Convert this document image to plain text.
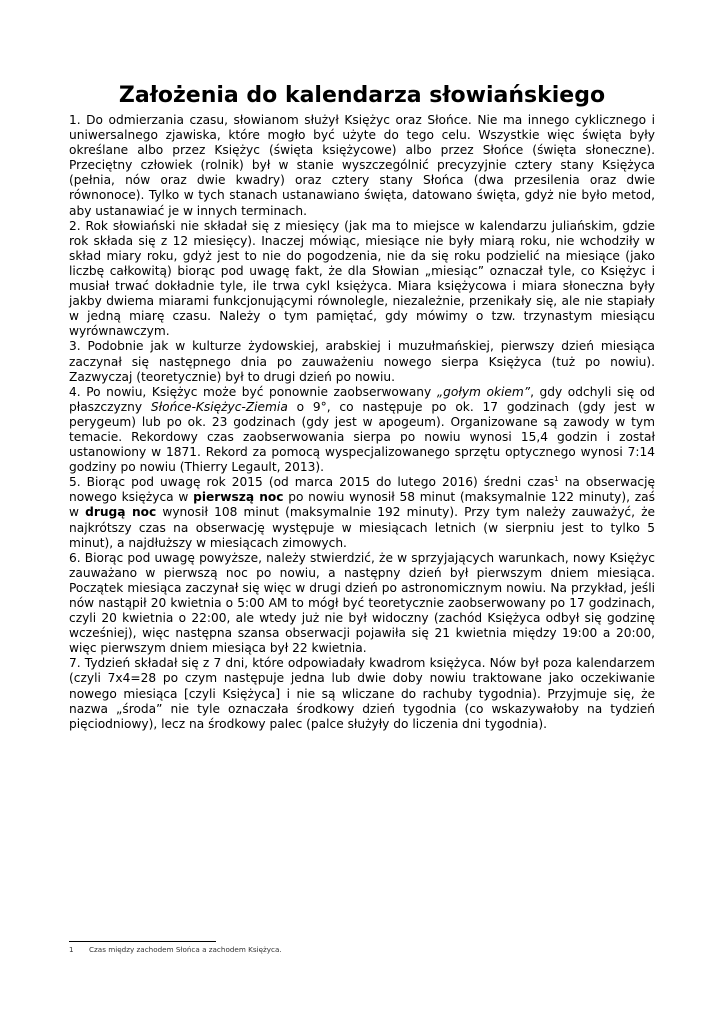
Założenia do kalendarza słowiańskiego

1. Do odmierzania czasu, słowianom służył Księżyc oraz Słońce. Nie ma innego cyklicznego i uniwersalnego zjawiska, które mogło być użyte do tego celu. Wszystkie więc święta były określane albo przez Księżyc (święta księżycowe) albo przez Słońce (święta słoneczne). Przeciętny człowiek (rolnik) był w stanie wyszczególnić precyzyjnie cztery stany Księżyca (pełnia, nów oraz dwie kwadry) oraz cztery stany Słońca (dwa przesilenia oraz dwie równonoce). Tylko w tych stanach ustanawiano święta, datowano święta, gdyż nie było metod, aby ustanawiać je w innych terminach.

2. Rok słowiański nie składał się z miesięcy (jak ma to miejsce w kalendarzu juliańskim, gdzie rok składa się z 12 miesięcy). Inaczej mówiąc, miesiące nie były miarą roku, nie wchodziły w skład miary roku, gdyż jest to nie do pogodzenia, nie da się roku podzielić na miesiące (jako liczbę całkowitą) biorąc pod uwagę fakt, że dla Słowian „miesiąc” oznaczał tyle, co Księżyc i musiał trwać dokładnie tyle, ile trwa cykl księżyca. Miara księżycowa i miara słoneczna były jakby dwiema miarami funkcjonującymi równolegle, niezależnie, przenikały się, ale nie stapiały w jedną miarę czasu. Należy o tym pamiętać, gdy mówimy o tzw. trzynastym miesiącu wyrównawczym.

3. Podobnie jak w kulturze żydowskiej, arabskiej i muzułmańskiej, pierwszy dzień miesiąca zaczynał się następnego dnia po zauważeniu nowego sierpa Księżyca (tuż po nowiu). Zazwyczaj (teoretycznie) był to drugi dzień po nowiu.

4. Po nowiu, Księżyc może być ponownie zaobserwowany „gołym okiem”, gdy odchyli się od płaszczyzny Słońce-Księżyc-Ziemia o 9°, co następuje po ok. 17 godzinach (gdy jest w perygeum) lub po ok. 23 godzinach (gdy jest w apogeum). Organizowane są zawody w tym temacie. Rekordowy czas zaobserwowania sierpa po nowiu wynosi 15,4 godzin i został ustanowiony w 1871. Rekord za pomocą wyspecjalizowanego sprzętu optycznego wynosi 7:14 godziny po nowiu (Thierry Legault, 2013).

5. Biorąc pod uwagę rok 2015 (od marca 2015 do lutego 2016) średni czas$^1$ na obserwację nowego księżyca w pierwszą noc po nowiu wynosił 58 minut (maksymalnie 122 minuty), zaś w drugą noc wynosił 108 minut (maksymalnie 192 minuty). Przy tym należy zauważyć, że najkrótszy czas na obserwację występuje w miesiącach letnich (w sierpniu jest to tylko 5 minut), a najdłuższy w miesiącach zimowych.

6. Biorąc pod uwagę powyższe, należy stwierdzić, że w sprzyjających warunkach, nowy Księżyc zauważano w pierwszą noc po nowiu, a następny dzień był pierwszym dniem miesiąca. Początek miesiąca zaczynał się więc w drugi dzień po astronomicznym nowiu. Na przykład, jeśli nów nastąpił 20 kwietnia o 5:00 AM to mógł być teoretycznie zaobserwowany po 17 godzinach, czyli 20 kwietnia o 22:00, ale wtedy już nie był widoczny (zachód Księżyca odbył się godzinę wcześniej), więc następna szansa obserwacji pojawiła się 21 kwietnia między 19:00 a 20:00, więc pierwszym dniem miesiąca był 22 kwietnia.

7. Tydzień składał się z 7 dni, które odpowiadały kwadrom księżyca. Nów był poza kalendarzem (czyli 7x4=28 po czym następuje jedna lub dwie doby nowiu traktowane jako oczekiwanie nowego miesiąca [czyli Księżyca] i nie są wliczane do rachuby tygodnia). Przyjmuje się, że nazwa „środa” nie tyle oznaczała środkowy dzień tygodnia (co wskazywałoby na tydzień pięciodniowy), lecz na środkowy palec (palce służyły do liczenia dni tygodnia).

1 Czas między zachodem Słońca a zachodem Księżyca.
